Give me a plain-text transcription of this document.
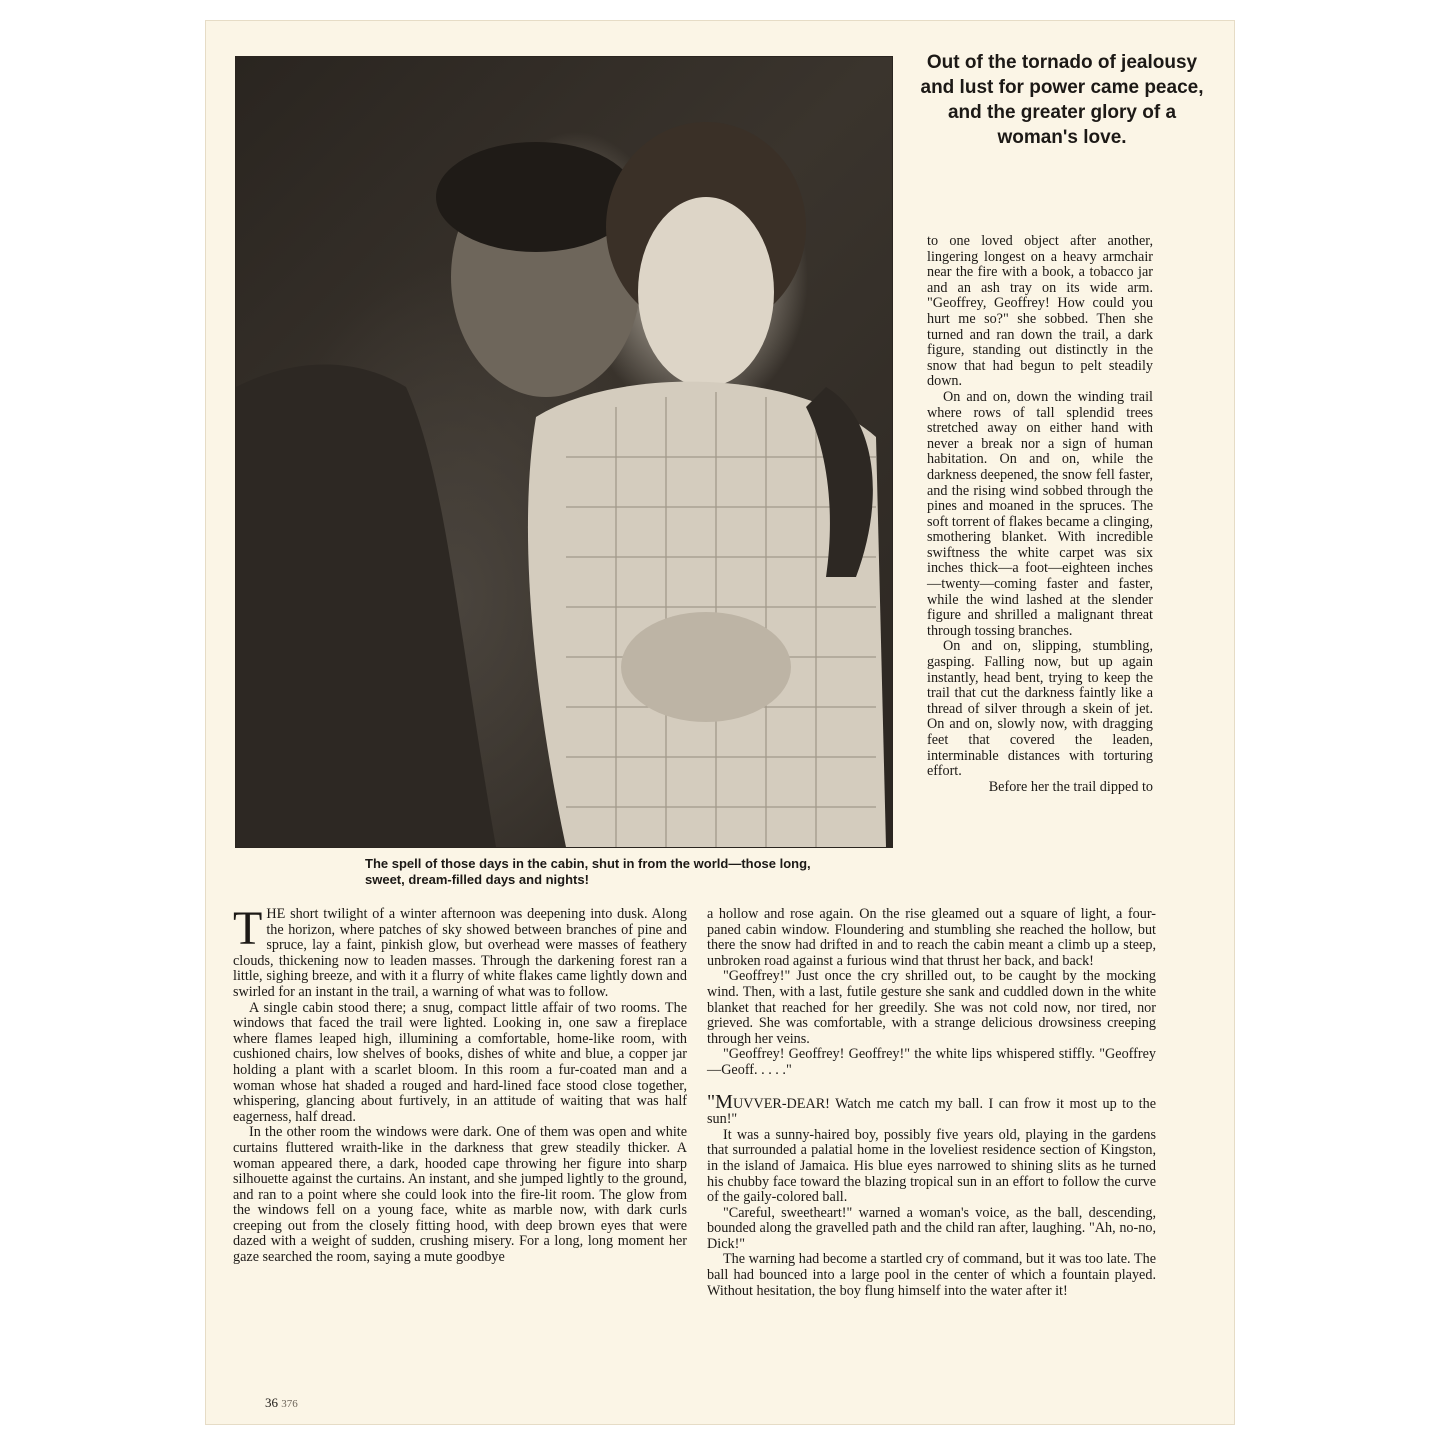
The spell of those days in the cabin, shut in from the world—those long, sweet, dream-filled days and nights!
Out of the tornado of jealousy and lust for power came peace, and the greater glory of a woman's love.

to one loved object after another, lingering longest on a heavy armchair near the fire with a book, a tobacco jar and an ash tray on its wide arm. "Geoffrey, Geoffrey! How could you hurt me so?" she sobbed. Then she turned and ran down the trail, a dark figure, standing out distinctly in the snow that had begun to pelt steadily down.

On and on, down the winding trail where rows of tall splendid trees stretched away on either hand with never a break nor a sign of human habitation. On and on, while the darkness deepened, the snow fell faster, and the rising wind sobbed through the pines and moaned in the spruces. The soft torrent of flakes became a clinging, smothering blanket. With incredible swiftness the white carpet was six inches thick—a foot—eighteen inches—twenty—coming faster and faster, while the wind lashed at the slender figure and shrilled a malignant threat through tossing branches.

On and on, slipping, stumbling, gasping. Falling now, but up again instantly, head bent, trying to keep the trail that cut the darkness faintly like a thread of silver through a skein of jet. On and on, slowly now, with dragging feet that covered the leaden, interminable distances with torturing effort.

Before her the trail dipped to

THE short twilight of a winter afternoon was deepening into dusk. Along the horizon, where patches of sky showed between branches of pine and spruce, lay a faint, pinkish glow, but overhead were masses of feathery clouds, thickening now to leaden masses. Through the darkening forest ran a little, sighing breeze, and with it a flurry of white flakes came lightly down and swirled for an instant in the trail, a warning of what was to follow.

A single cabin stood there; a snug, compact little affair of two rooms. The windows that faced the trail were lighted. Looking in, one saw a fireplace where flames leaped high, illumining a comfortable, home-like room, with cushioned chairs, low shelves of books, dishes of white and blue, a copper jar holding a plant with a scarlet bloom. In this room a fur-coated man and a woman whose hat shaded a rouged and hard-lined face stood close together, whispering, glancing about furtively, in an attitude of waiting that was half eagerness, half dread.

In the other room the windows were dark. One of them was open and white curtains fluttered wraith-like in the darkness that grew steadily thicker. A woman appeared there, a dark, hooded cape throwing her figure into sharp silhouette against the curtains. An instant, and she jumped lightly to the ground, and ran to a point where she could look into the fire-lit room. The glow from the windows fell on a young face, white as marble now, with dark curls creeping out from the closely fitting hood, with deep brown eyes that were dazed with a weight of sudden, crushing misery. For a long, long moment her gaze searched the room, saying a mute goodbye

a hollow and rose again. On the rise gleamed out a square of light, a four-paned cabin window. Floundering and stumbling she reached the hollow, but there the snow had drifted in and to reach the cabin meant a climb up a steep, unbroken road against a furious wind that thrust her back, and back!

"Geoffrey!" Just once the cry shrilled out, to be caught by the mocking wind. Then, with a last, futile gesture she sank and cuddled down in the white blanket that reached for her greedily. She was not cold now, nor tired, nor grieved. She was comfortable, with a strange delicious drowsiness creeping through her veins.

"Geoffrey! Geoffrey! Geoffrey!" the white lips whispered stiffly. "Geoffrey—Geoff. . . . ."

"MUVVER-DEAR! Watch me catch my ball. I can frow it most up to the sun!"

It was a sunny-haired boy, possibly five years old, playing in the gardens that surrounded a palatial home in the loveliest residence section of Kingston, in the island of Jamaica. His blue eyes narrowed to shining slits as he turned his chubby face toward the blazing tropical sun in an effort to follow the curve of the gaily-colored ball.

"Careful, sweetheart!" warned a woman's voice, as the ball, descending, bounded along the gravelled path and the child ran after, laughing. "Ah, no-no, Dick!"

The warning had become a startled cry of command, but it was too late. The ball had bounced into a large pool in the center of which a fountain played. Without hesitation, the boy flung himself into the water after it!

36 376
